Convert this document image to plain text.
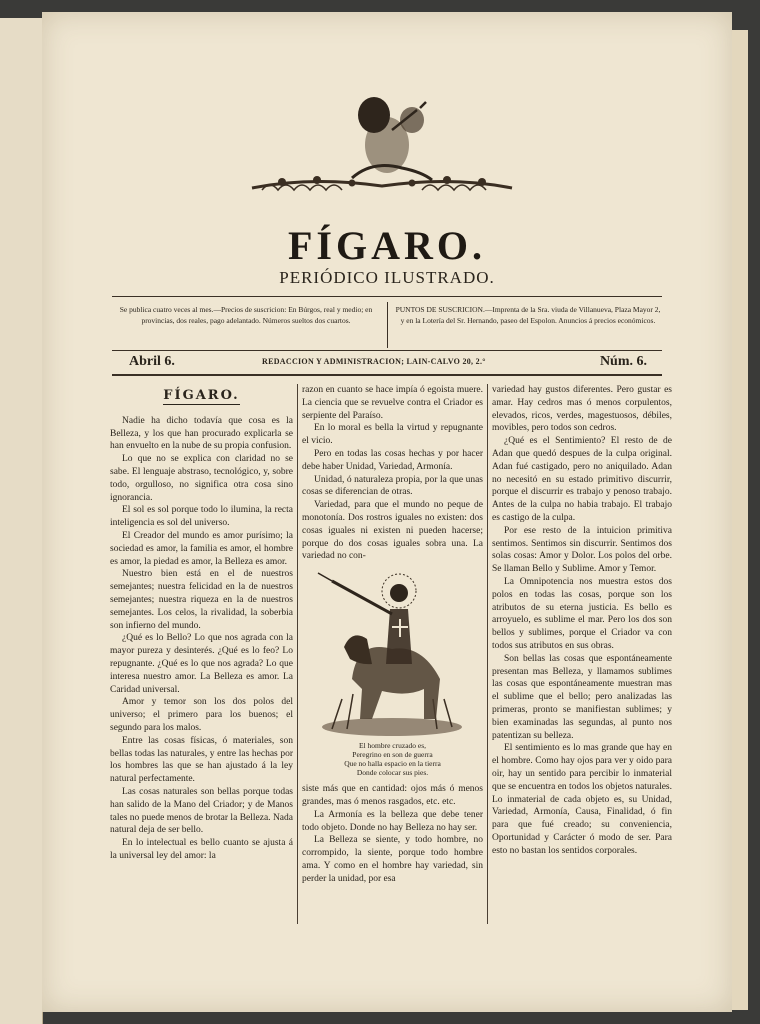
FÍGARO.
PERIÓDICO ILUSTRADO.
Se publica cuatro veces al mes.—Precios de suscricion: En Búrgos, real y medio; en provincias, dos reales, pago adelantado. Números sueltos dos cuartos.
PUNTOS DE SUSCRICION.—Imprenta de la Sra. viuda de Villanueva, Plaza Mayor 2, y en la Lotería del Sr. Hernando, paseo del Espolon. Anuncios á precios económicos.
Abril 6.	REDACCION Y ADMINISTRACION; LAIN-CALVO 20, 2.°	Núm. 6.
FÍGARO.

Nadie ha dicho todavía que cosa es la Belleza, y los que han procurado explicarla se han envuelto en la nube de su propia confusion.

Lo que no se explica con claridad no se sabe. El lenguaje abstraso, tecnológico, y, sobre todo, orgulloso, no significa otra cosa sino ignorancia.

El sol es sol porque todo lo ilumina, la recta inteligencia es sol del universo.

El Creador del mundo es amor purísimo; la sociedad es amor, la familia es amor, el hombre es amor, la piedad es amor, la Belleza es amor.

Nuestro bien está en el de nuestros semejantes; nuestra felicidad en la de nuestros semejantes; nuestra riqueza en la de nuestros semejantes. Los celos, la rivalidad, la soberbia son infierno del mundo.

¿Qué es lo Bello? Lo que nos agrada con la mayor pureza y desinterés. ¿Qué es lo feo? Lo repugnante. ¿Qué es lo que nos agrada? Lo que interesa nuestro amor. La Belleza es amor. La Caridad universal.

Amor y temor son los dos polos del universo; el primero para los buenos; el segundo para los malos.

Entre las cosas físicas, ó materiales, son bellas todas las naturales, y entre las hechas por los hombres las que se han ajustado á la ley natural perfectamente.

Las cosas naturales son bellas porque todas han salido de la Mano del Criador; y de Manos tales no puede menos de brotar la Belleza. Nada natural deja de ser bello.

En lo intelectual es bello cuanto se ajusta á la universal ley del amor: la

razon en cuanto se hace impía ó egoista muere. La ciencia que se revuelve contra el Criador es serpiente del Paraíso.

En lo moral es bella la virtud y repugnante el vicio.

Pero en todas las cosas hechas y por hacer debe haber Unidad, Variedad, Armonía.

Unidad, ó naturaleza propia, por la que unas cosas se diferencian de otras.

Variedad, para que el mundo no peque de monotonía. Dos rostros iguales no existen: dos cosas iguales ni existen ni pueden hacerse; porque do dos cosas iguales sobra una. La variedad no con-

El hombre cruzado es,
Peregrino en son de guerra
Que no halla espacio en la tierra
Donde colocar sus pies.

siste más que en cantidad: ojos más ó menos grandes, mas ó menos rasgados, etc. etc.

La Armonía es la belleza que debe tener todo objeto. Donde no hay Belleza no hay ser.

La Belleza se siente, y todo hombre, no corrompido, la siente, porque todo hombre ama. Y como en el hombre hay variedad, sin perder la unidad, por esa

variedad hay gustos diferentes. Pero gustar es amar. Hay cedros mas ó menos corpulentos, elevados, ricos, verdes, magestuosos, débiles, movibles, pero todos son cedros.

¿Qué es el Sentimiento? El resto de de Adan que quedó despues de la culpa original. Adan fué castigado, pero no aniquilado. Adan no necesitó en su estado primitivo discurrir, porque el discurrir es trabajo y penoso trabajo. Antes de la culpa no habia trabajo. El trabajo es castigo de la culpa.

Por ese resto de la intuicion primitiva sentimos. Sentimos sin discurrir. Sentimos dos solas cosas: Amor y Dolor. Los polos del orbe. Se llaman Bello y Sublime. Amor y Temor.

La Omnipotencia nos muestra estos dos polos en todas las cosas, porque son los atributos de su eterna justicia. Es bello es arroyuelo, es sublime el mar. Pero los dos son bellos y sublimes, porque el Criador va con todos sus atributos en sus obras.

Son bellas las cosas que espontáneamente presentan mas Belleza, y llamamos sublimes las cosas que espontáneamente muestran mas el sublime que el bello; pero analizadas las primeras, pronto se manifiestan sublimes; y bien examinadas las segundas, al punto nos patentizan su belleza.

El sentimiento es lo mas grande que hay en el hombre. Como hay ojos para ver y oido para oir, hay un sentido para percibir lo inmaterial que se encuentra en todos los objetos naturales. Lo inmaterial de cada objeto es, su Unidad, Variedad, Armonía, Causa, Finalidad, ó fin para que fué creado; su conveniencia, Oportunidad y Carácter ó modo de ser. Para esto no bastan los sentidos corporales.
